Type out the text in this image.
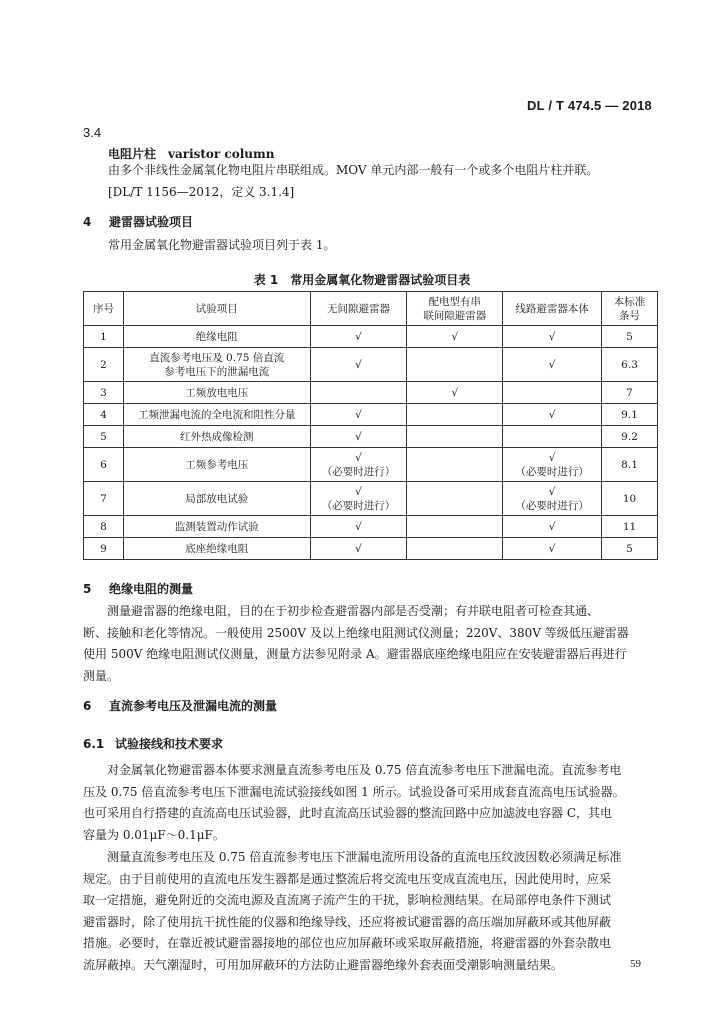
DL / T 474.5 — 2018
3.4
电阻片柱　varistor column
由多个非线性金属氧化物电阻片串联组成。MOV 单元内部一般有一个或多个电阻片柱并联。
[DL/T 1156—2012，定义 3.1.4]
4 避雷器试验项目
常用金属氧化物避雷器试验项目列于表 1。
表 1　常用金属氧化物避雷器试验项目表
序号	试验项目	无间隙避雷器	配电型有串
联间隙避雷器	线路避雷器本体	本标准
条号
1	绝缘电阻	√	√	√	5
2	直流参考电压及 0.75 倍直流
参考电压下的泄漏电流	√		√	6.3
3	工频放电电压		√		7
4	工频泄漏电流的全电流和阻性分量	√		√	9.1
5	红外热成像检测	√			9.2
6	工频参考电压	√
（必要时进行）		√
（必要时进行）	8.1
7	局部放电试验	√
（必要时进行）		√
（必要时进行）	10
8	监测装置动作试验	√		√	11
9	底座绝缘电阻	√		√	5
5 绝缘电阻的测量
测量避雷器的绝缘电阻，目的在于初步检查避雷器内部是否受潮；有并联电阻者可检查其通、
断、接触和老化等情况。一般使用 2500V 及以上绝缘电阻测试仪测量；220V、380V 等级低压避雷器
使用 500V 绝缘电阻测试仪测量，测量方法参见附录 A。避雷器底座绝缘电阻应在安装避雷器后再进行
测量。
6 直流参考电压及泄漏电流的测量
6.1 试验接线和技术要求
对金属氧化物避雷器本体要求测量直流参考电压及 0.75 倍直流参考电压下泄漏电流。直流参考电
压及 0.75 倍直流参考电压下泄漏电流试验接线如图 1 所示。试验设备可采用成套直流高电压试验器。
也可采用自行搭建的直流高电压试验器，此时直流高压试验器的整流回路中应加滤波电容器 C，其电
容量为 0.01μF～0.1μF。
测量直流参考电压及 0.75 倍直流参考电压下泄漏电流所用设备的直流电压纹波因数必须满足标准
规定。由于目前使用的直流电压发生器都是通过整流后将交流电压变成直流电压，因此使用时，应采
取一定措施，避免附近的交流电源及直流离子流产生的干扰，影响检测结果。在局部停电条件下测试
避雷器时，除了使用抗干扰性能的仪器和绝缘导线，还应将被试避雷器的高压端加屏蔽环或其他屏蔽
措施。必要时，在靠近被试避雷器接地的部位也应加屏蔽环或采取屏蔽措施，将避雷器的外套杂散电
流屏蔽掉。天气潮湿时，可用加屏蔽环的方法防止避雷器绝缘外套表面受潮影响测量结果。	59
